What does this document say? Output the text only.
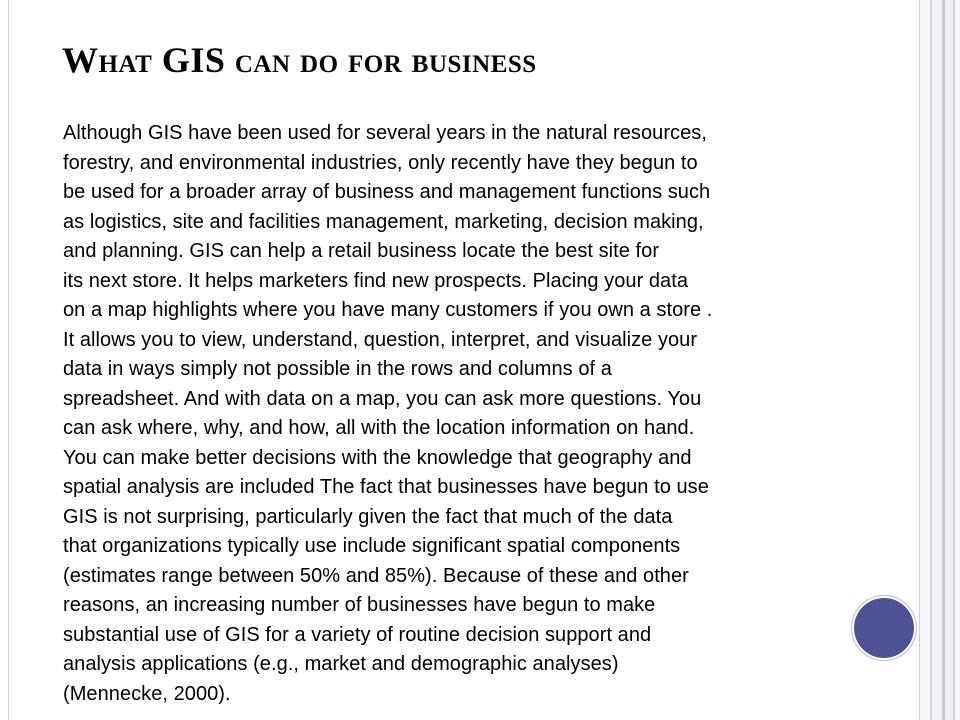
What GIS can do for business
Although GIS have been used for several years in the natural resources,
forestry, and environmental industries, only recently have they begun to
be used for a broader array of business and management functions such
as logistics, site and facilities management, marketing, decision making,
and planning. GIS can help a retail business locate the best site for
its next store. It helps marketers find new prospects. Placing your data
on a map highlights where you have many customers if you own a store .
It allows you to view, understand, question, interpret, and visualize your
data in ways simply not possible in the rows and columns of a
spreadsheet. And with data on a map, you can ask more questions. You
can ask where, why, and how, all with the location information on hand.
You can make better decisions with the knowledge that geography and
spatial analysis are included The fact that businesses have begun to use
GIS is not surprising, particularly given the fact that much of the data
that organizations typically use include significant spatial components
(estimates range between 50% and 85%). Because of these and other
reasons, an increasing number of businesses have begun to make
substantial use of GIS for a variety of routine decision support and
analysis applications (e.g., market and demographic analyses)
(Mennecke, 2000).
